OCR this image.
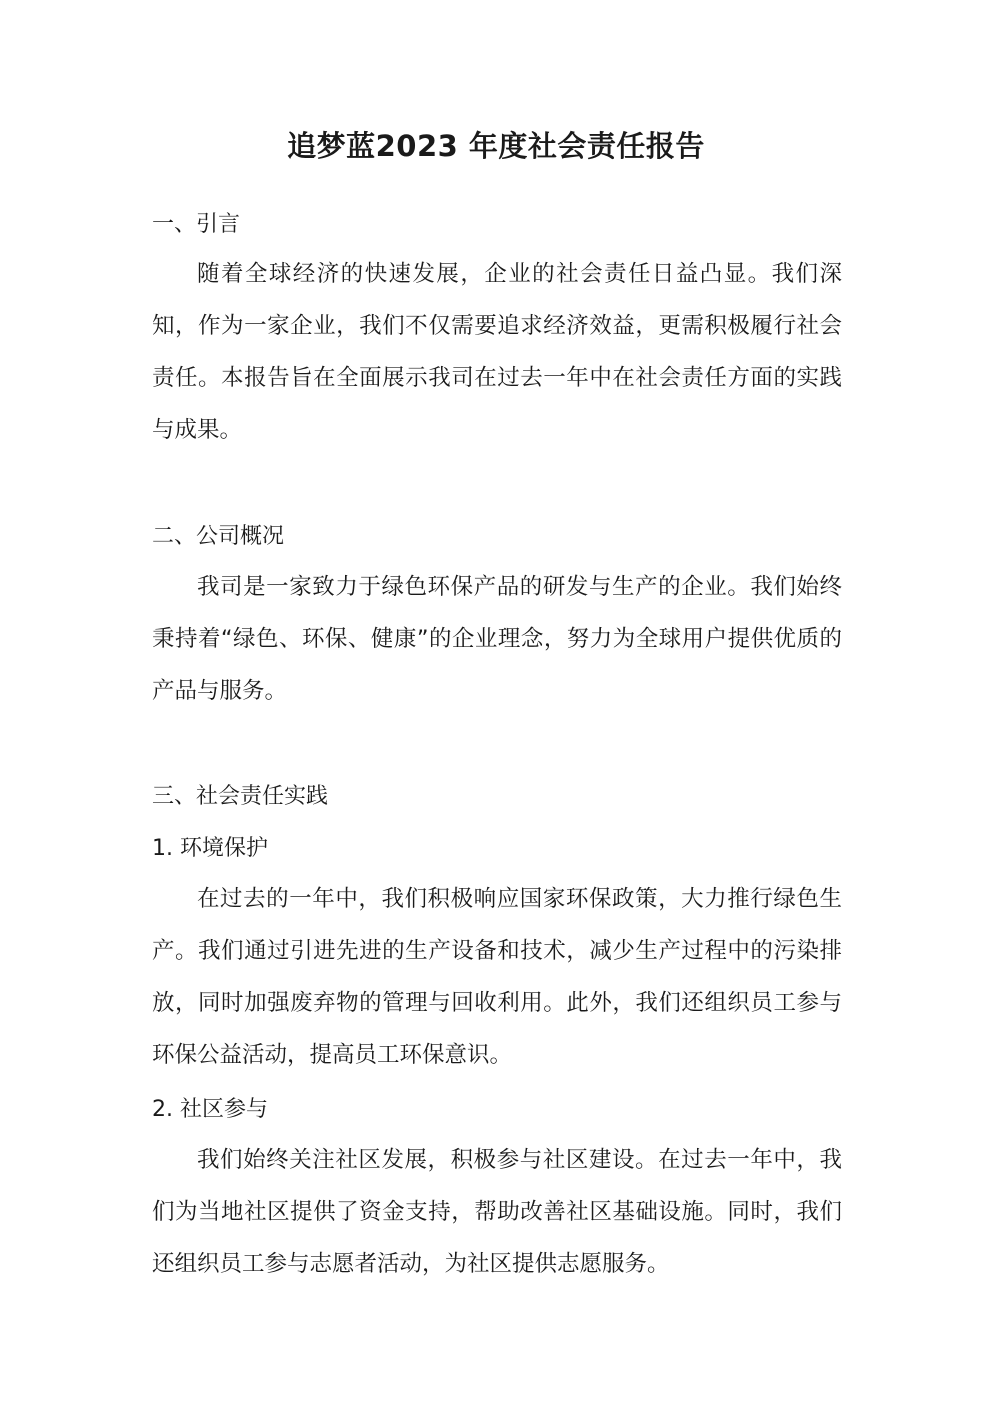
追梦蓝2023 年度社会责任报告
一、引言

随着全球经济的快速发展，企业的社会责任日益凸显。我们深知，作为一家企业，我们不仅需要追求经济效益，更需积极履行社会责任。本报告旨在全面展示我司在过去一年中在社会责任方面的实践与成果。

二、公司概况

我司是一家致力于绿色环保产品的研发与生产的企业。我们始终秉持着“绿色、环保、健康”的企业理念，努力为全球用户提供优质的产品与服务。

三、社会责任实践
1. 环境保护

在过去的一年中，我们积极响应国家环保政策，大力推行绿色生产。我们通过引进先进的生产设备和技术，减少生产过程中的污染排放，同时加强废弃物的管理与回收利用。此外，我们还组织员工参与环保公益活动，提高员工环保意识。

2. 社区参与

我们始终关注社区发展，积极参与社区建设。在过去一年中，我们为当地社区提供了资金支持，帮助改善社区基础设施。同时，我们还组织员工参与志愿者活动，为社区提供志愿服务。
